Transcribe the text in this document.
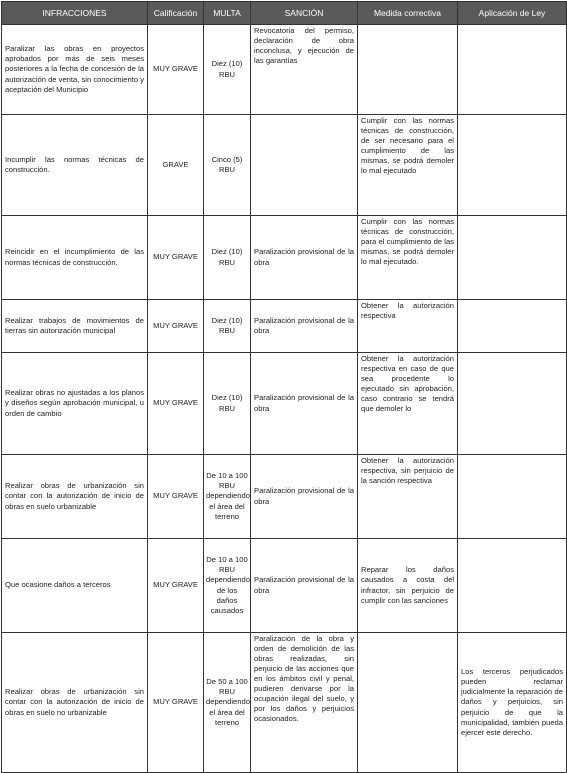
INFRACCIONES	Calificación	MULTA	SANCIÓN	Medida correctiva	Aplicación de Ley
Paralizar las obras en proyectos aprobados por más de seis meses posteriores a la fecha de concesión de la autorización de venta, sin conocimiento y aceptación del Municipio	MUY GRAVE	Diez (10) RBU	Revocatoria del permiso, declaración de obra inconclusa, y ejecución de las garantías		
Incumplir las normas técnicas de construcción.	GRAVE	Cinco (5) RBU		Cumplir con las normas técnicas de construcción, de ser necesario para el cumplimiento de las mismas, se podrá demoler lo mal ejecutado	
Reincidir en el incumplimiento de las normas técnicas de construcción.	MUY GRAVE	Diez (10) RBU	Paralización provisional de la obra	Cumplir con las normas técnicas de construcción, para el cumplimiento de las mismas, se podrá demoler lo mal ejecutado.	
Realizar trabajos de movimientos de tierras sin autorización municipal	MUY GRAVE	Diez (10) RBU	Paralización provisional de la obra	Obtener la autorización respectiva	
Realizar obras no ajustadas a los planos y diseños según aprobación municipal, u orden de cambio	MUY GRAVE	Diez (10) RBU	Paralización provisional de la obra	Obtener la autorización respectiva en caso de que sea procedente lo ejecutado sin aprobación, caso contrario se tendrá que demoler lo	

Realizar obras de urbanización sin contar con la autorización de inicio de obras en suelo urbanizable	MUY GRAVE	De 10 a 100 RBU dependiendo el área del terreno	Paralización provisional de la obra	Obtener la autorización respectiva, sin perjuicio de la sanción respectiva	
Que ocasione daños a terceros	MUY GRAVE	De 10 a 100 RBU dependiendo de los daños causados	Paralización provisional de la obra	Reparar los daños causados a costa del infractor, sin perjuicio de cumplir con las sanciones	
Realizar obras de urbanización sin contar con la autorización de inicio de obras en suelo no urbanizable	MUY GRAVE	De 50 a 100 RBU dependiendo el área del terreno	Paralización de la obra y orden de demolición de las obras realizadas, sin perjuicio de las acciones que en los ámbitos civil y penal, pudieren derivarse por la ocupación ilegal del suelo, y por los daños y perjuicios ocasionados.		Los terceros perjudicados pueden reclamar judicialmente la reparación de daños y perjuicios, sin perjuicio de que la municipalidad, también pueda ejercer este derecho.
